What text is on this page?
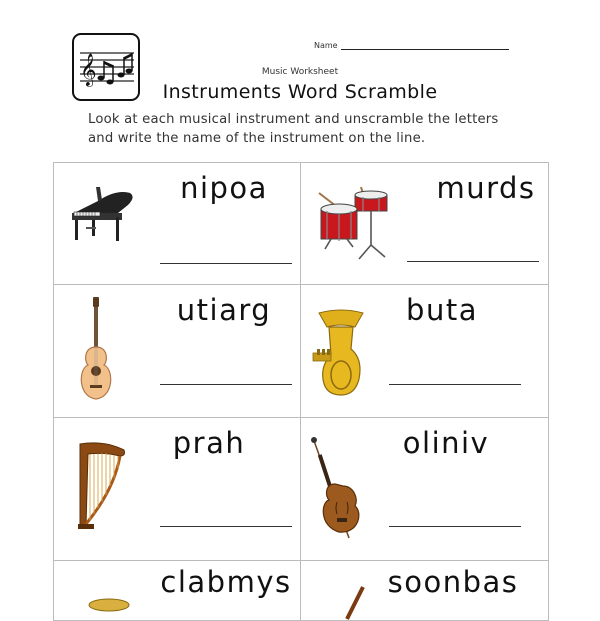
𝄞
Name
Music Worksheet
Instruments Word Scramble
Look at each musical instrument and unscramble the letters and write the name of the instrument on the line.
nipoa	murds
utiarg	buta
prah	oliniv
clabmys	soonbas
